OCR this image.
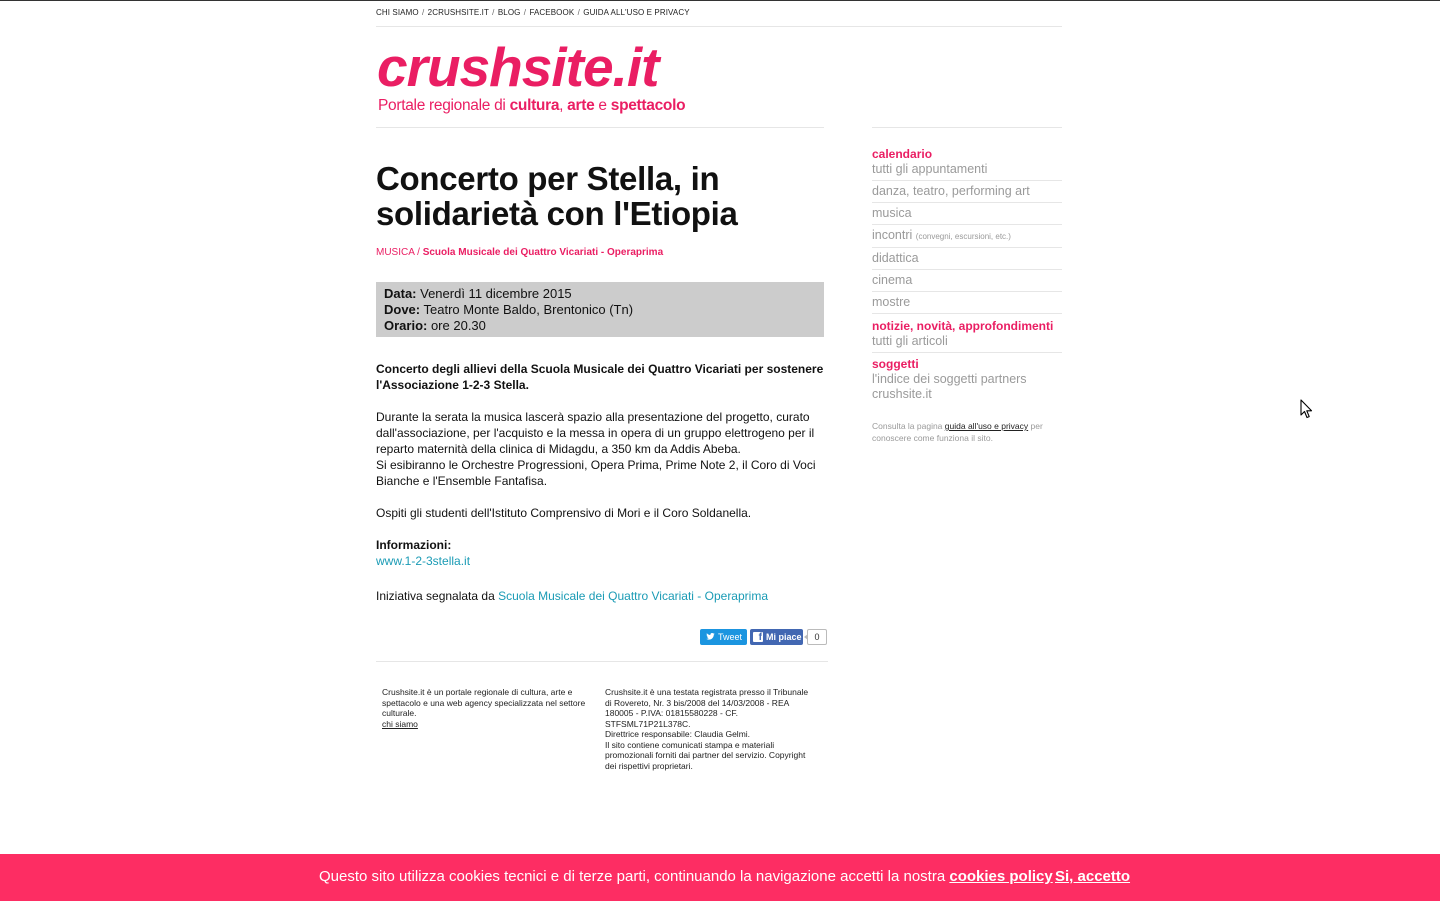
CHI SIAMO / 2CRUSHSITE.IT / BLOG / FACEBOOK / GUIDA ALL'USO E PRIVACY
crushsite.it
Portale regionale di cultura, arte e spettacolo
Concerto per Stella, in solidarietà con l'Etiopia
MUSICA / Scuola Musicale dei Quattro Vicariati - Operaprima
Data: Venerdì 11 dicembre 2015
Dove: Teatro Monte Baldo, Brentonico (Tn)
Orario: ore 20.30

Concerto degli allievi della Scuola Musicale dei Quattro Vicariati per sostenere l'Associazione 1-2-3 Stella.

Durante la serata la musica lascerà spazio alla presentazione del progetto, curato dall'associazione, per l'acquisto e la messa in opera di un gruppo elettrogeno per il reparto maternità della clinica di Midagdu, a 350 km da Addis Abeba.
Si esibiranno le Orchestre Progressioni, Opera Prima, Prime Note 2, il Coro di Voci Bianche e l'Ensemble Fantafisa.

Ospiti gli studenti dell'Istituto Comprensivo di Mori e il Coro Soldanella.

Informazioni:
www.1-2-3stella.it

Iniziativa segnalata da Scuola Musicale dei Quattro Vicariati - Operaprima
Tweet	f Mi piace	0
Crushsite.it è un portale regionale di cultura, arte e spettacolo e una web agency specializzata nel settore culturale.
chi siamo
Crushsite.it è una testata registrata presso il Tribunale di Rovereto, Nr. 3 bis/2008 del 14/03/2008 - REA 180005 - P.IVA: 01815580228 - CF. STFSML71P21L378C.
Direttrice responsabile: Claudia Gelmi.
Il sito contiene comunicati stampa e materiali promozionali forniti dai partner del servizio. Copyright dei rispettivi proprietari.
calendario
tutti gli appuntamenti
danza, teatro, performing art
musica
incontri (convegni, escursioni, etc.)
didattica
cinema
mostre
notizie, novità, approfondimenti
tutti gli articoli
soggetti
l'indice dei soggetti partners crushsite.it
Consulta la pagina guida all'uso e privacy per conoscere come funziona il sito.
Questo sito utilizza cookies tecnici e di terze parti, continuando la navigazione accetti la nostra cookies policy Si, accetto
